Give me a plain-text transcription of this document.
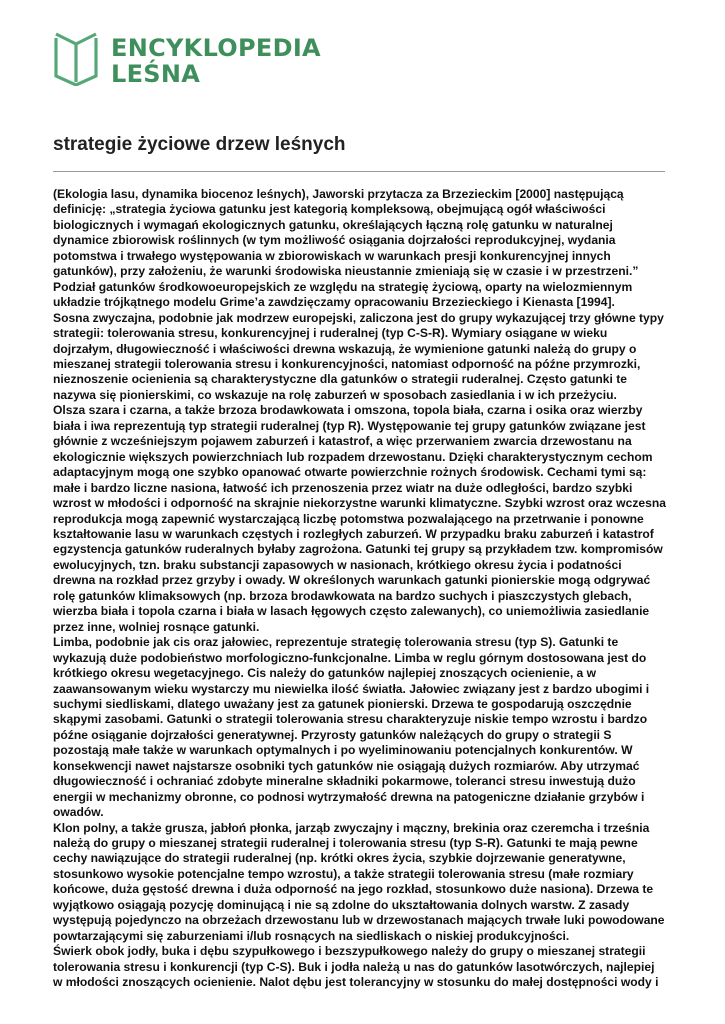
ENCYKLOPEDIA
LEŚNA
strategie życiowe drzew leśnych

(Ekologia lasu, dynamika biocenoz leśnych), Jaworski przytacza za Brzezieckim [2000] następującą definicję: „strategia życiowa gatunku jest kategorią kompleksową, obejmującą ogół właściwości biologicznych i wymagań ekologicznych gatunku, określających łączną rolę gatunku w naturalnej dynamice zbiorowisk roślinnych (w tym możliwość osiągania dojrzałości reprodukcyjnej, wydania potomstwa i trwałego występowania w zbiorowiskach w warunkach presji konkurencyjnej innych gatunków), przy założeniu, że warunki środowiska nieustannie zmieniają się w czasie i w przestrzeni.” Podział gatunków środkowoeuropejskich ze względu na strategię życiową, oparty na wielozmiennym układzie trójkątnego modelu Grime’a zawdzięczamy opracowaniu Brzezieckiego i Kienasta [1994].

Sosna zwyczajna, podobnie jak modrzew europejski, zaliczona jest do grupy wykazującej trzy główne typy strategii: tolerowania stresu, konkurencyjnej i ruderalnej (typ C-S-R). Wymiary osiągane w wieku dojrzałym, długowieczność i właściwości drewna wskazują, że wymienione gatunki należą do grupy o mieszanej strategii tolerowania stresu i konkurencyjności, natomiast odporność na późne przymrozki, nieznoszenie ocienienia są charakterystyczne dla gatunków o strategii ruderalnej. Często gatunki te nazywa się pionierskimi, co wskazuje na rolę zaburzeń w sposobach zasiedlania i w ich przeżyciu.

Olsza szara i czarna, a także brzoza brodawkowata i omszona, topola biała, czarna i osika oraz wierzby biała i iwa reprezentują typ strategii ruderalnej (typ R). Występowanie tej grupy gatunków związane jest głównie z wcześniejszym pojawem zaburzeń i katastrof, a więc przerwaniem zwarcia drzewostanu na ekologicznie większych powierzchniach lub rozpadem drzewostanu. Dzięki charakterystycznym cechom adaptacyjnym mogą one szybko opanować otwarte powierzchnie rożnych środowisk. Cechami tymi są: małe i bardzo liczne nasiona, łatwość ich przenoszenia przez wiatr na duże odległości, bardzo szybki wzrost w młodości i odporność na skrajnie niekorzystne warunki klimatyczne. Szybki wzrost oraz wczesna reprodukcja mogą zapewnić wystarczającą liczbę potomstwa pozwalającego na przetrwanie i ponowne kształtowanie lasu w warunkach częstych i rozległych zaburzeń. W przypadku braku zaburzeń i katastrof egzystencja gatunków ruderalnych byłaby zagrożona. Gatunki tej grupy są przykładem tzw. kompromisów ewolucyjnych, tzn. braku substancji zapasowych w nasionach, krótkiego okresu życia i podatności drewna na rozkład przez grzyby i owady. W określonych warunkach gatunki pionierskie mogą odgrywać rolę gatunków klimaksowych (np. brzoza brodawkowata na bardzo suchych i piaszczystych glebach, wierzba biała i topola czarna i biała w lasach łęgowych często zalewanych), co uniemożliwia zasiedlanie przez inne, wolniej rosnące gatunki.

Limba, podobnie jak cis oraz jałowiec, reprezentuje strategię tolerowania stresu (typ S). Gatunki te wykazują duże podobieństwo morfologiczno-funkcjonalne. Limba w reglu górnym dostosowana jest do krótkiego okresu wegetacyjnego. Cis należy do gatunków najlepiej znoszących ocienienie, a w zaawansowanym wieku wystarczy mu niewielka ilość światła. Jałowiec związany jest z bardzo ubogimi i suchymi siedliskami, dlatego uważany jest za gatunek pionierski. Drzewa te gospodarują oszczędnie skąpymi zasobami. Gatunki o strategii tolerowania stresu charakteryzuje niskie tempo wzrostu i bardzo późne osiąganie dojrzałości generatywnej. Przyrosty gatunków należących do grupy o strategii S pozostają małe także w warunkach optymalnych i po wyeliminowaniu potencjalnych konkurentów. W konsekwencji nawet najstarsze osobniki tych gatunków nie osiągają dużych rozmiarów. Aby utrzymać długowieczność i ochraniać zdobyte mineralne składniki pokarmowe, toleranci stresu inwestują dużo energii w mechanizmy obronne, co podnosi wytrzymałość drewna na patogeniczne działanie grzybów i owadów.

Klon polny, a także grusza, jabłoń płonka, jarząb zwyczajny i mączny, brekinia oraz czeremcha i trześnia należą do grupy o mieszanej strategii ruderalnej i tolerowania stresu (typ S-R). Gatunki te mają pewne cechy nawiązujące do strategii ruderalnej (np. krótki okres życia, szybkie dojrzewanie generatywne, stosunkowo wysokie potencjalne tempo wzrostu), a także strategii tolerowania stresu (małe rozmiary końcowe, duża gęstość drewna i duża odporność na jego rozkład, stosunkowo duże nasiona). Drzewa te wyjątkowo osiągają pozycję dominującą i nie są zdolne do ukształtowania dolnych warstw. Z zasady występują pojedynczo na obrzeżach drzewostanu lub w drzewostanach mających trwałe luki powodowane powtarzającymi się zaburzeniami i/lub rosnących na siedliskach o niskiej produkcyjności.

Świerk obok jodły, buka i dębu szypułkowego i bezszypułkowego należy do grupy o mieszanej strategii tolerowania stresu i konkurencji (typ C-S). Buk i jodła należą u nas do gatunków lasotwórczych, najlepiej w młodości znoszących ocienienie. Nalot dębu jest tolerancyjny w stosunku do małej dostępności wody i
